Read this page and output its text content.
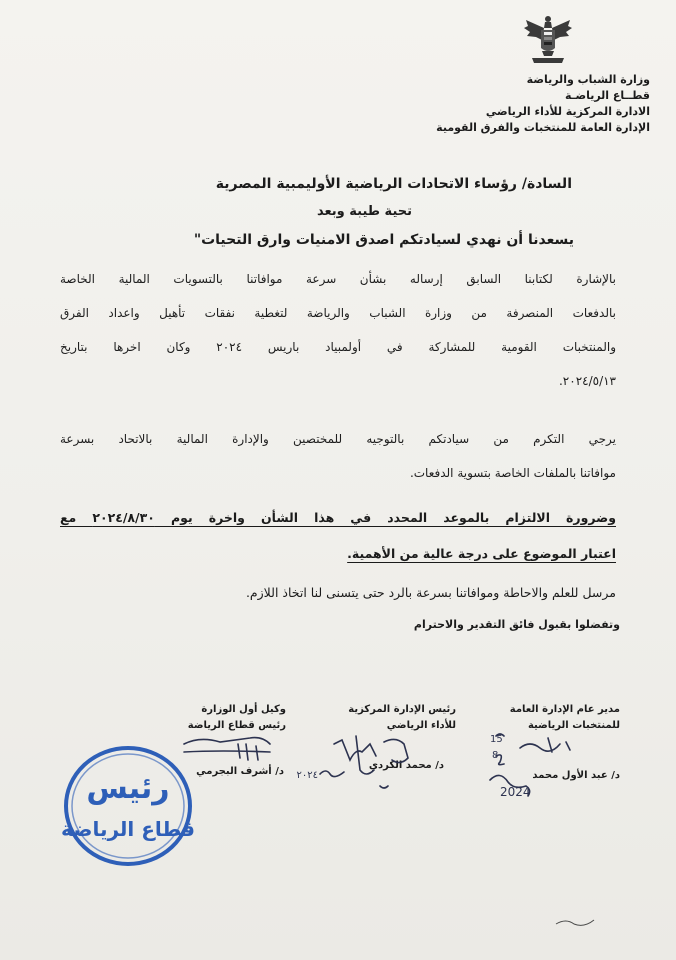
وزارة الشباب والرياضة
قطــاع الرياضـة
الادارة المركزية للأداء الرياضي
الإدارة العامة للمنتخبات والفرق القومية
السادة/ رؤساء الاتحادات الرياضية الأوليمبية المصرية
تحية طيبة وبعد
يسعدنا أن نهدي لسيادتكم اصدق الامنيات وارق التحيات"
بالإشارة لكتابنا السابق إرساله بشأن سرعة موافاتنا بالتسويات المالية الخاصة
بالدفعات المنصرفة من وزارة الشباب والرياضة لتغطية نفقات تأهيل واعداد الفرق
والمنتخبات القومية للمشاركة في أولمبياد باريس ٢٠٢٤ وكان اخرها بتاريخ
٢٠٢٤/٥/١٣.
يرجي التكرم من سيادتكم بالتوجيه للمختصين والإدارة المالية بالاتحاد بسرعة
موافاتنا بالملفات الخاصة بتسوية الدفعات.
وضرورة الالتزام بالموعد المحدد في هذا الشأن واخرة يوم ٢٠٢٤/٨/٣٠ مع
اعتبار الموضوع على درجة عالية من الأهمية.
مرسل للعلم والاحاطة وموافاتنا بسرعة بالرد حتى يتسنى لنا اتخاذ اللازم.
وتفضلوا بقبول فائق التقدير والاحترام
مدير عام الإدارة العامة
للمنتخبات الرياضية
رئيس الإدارة المركزية
للأداء الرياضي
وكيل أول الوزارة
رئيس قطاع الرياضة
د/ عبد الأول محمد
د/ محمد الكردي
د/ أشرف البجرمي
15
8
2024
٢٠٢٤
رئيس
قطاع الرياضة
